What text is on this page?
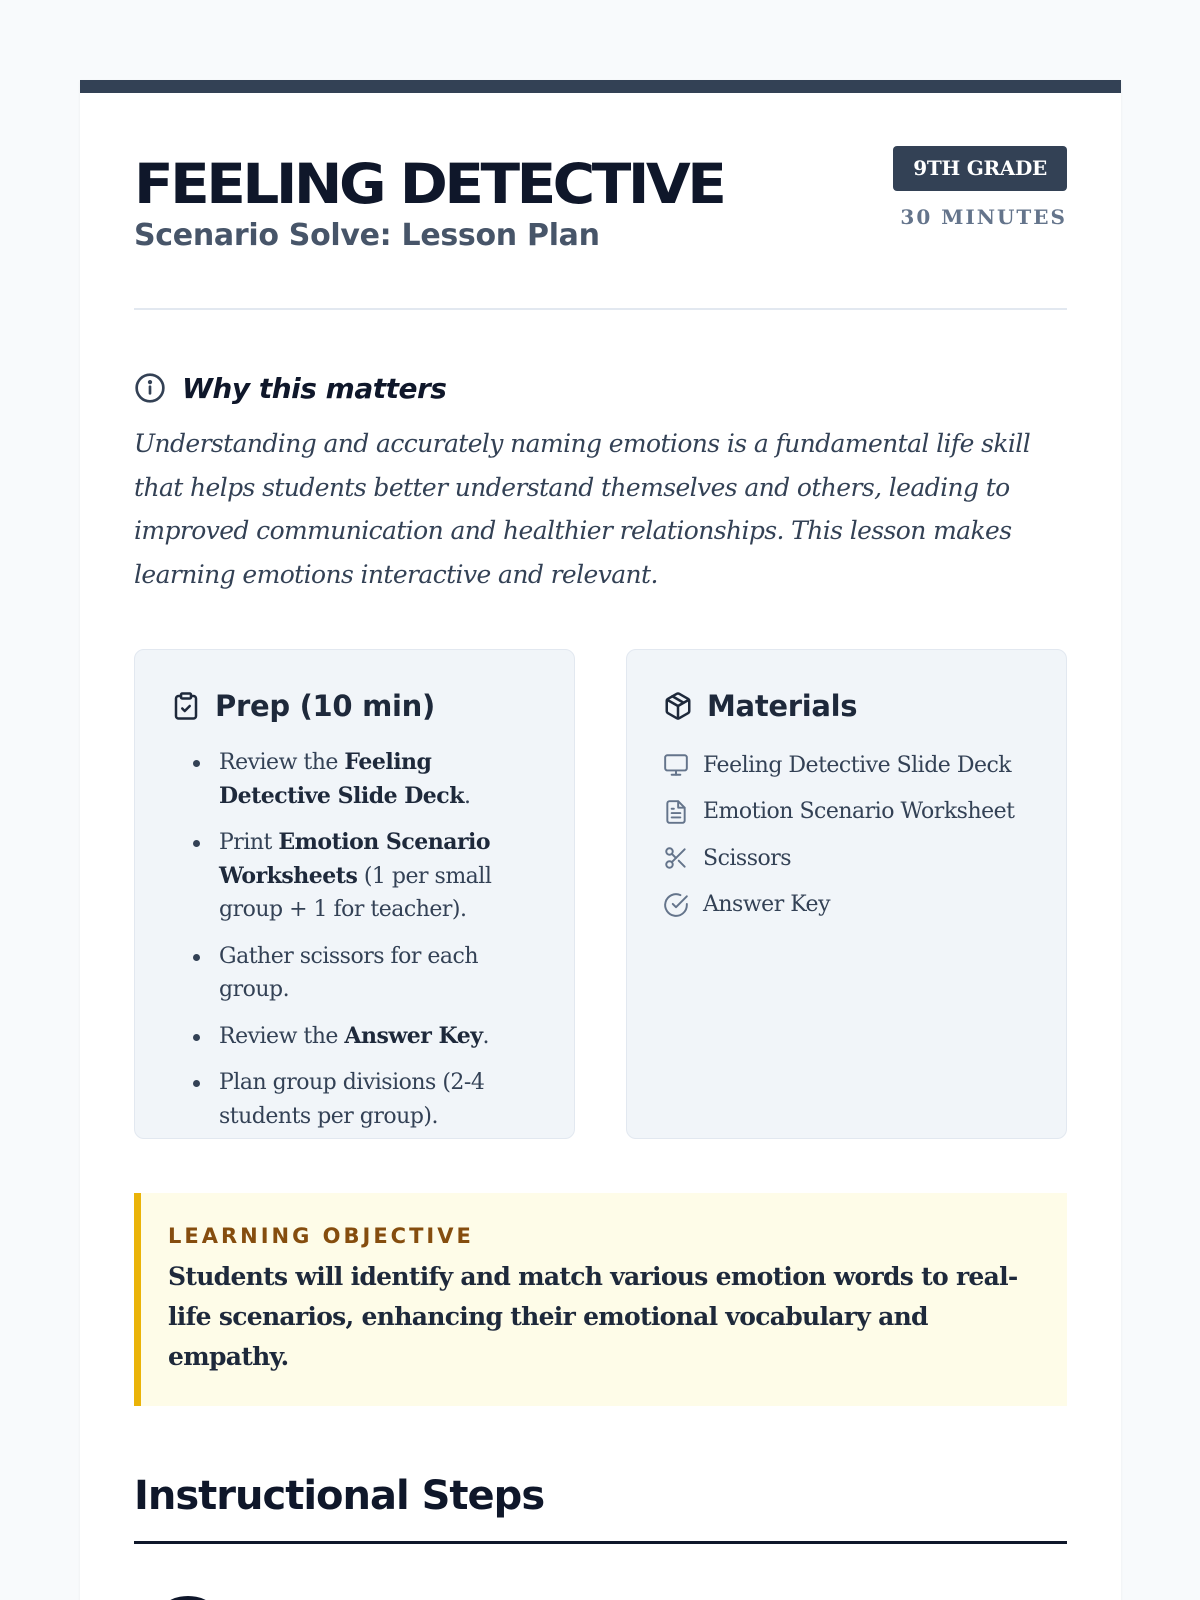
FEELING DETECTIVE
Scenario Solve: Lesson Plan
9TH GRADE
30 MINUTES
Why this matters

Understanding and accurately naming emotions is a fundamental life skill that helps students better understand themselves and others, leading to improved communication and healthier relationships. This lesson makes learning emotions interactive and relevant.

Prep (10 min)
Review the Feeling Detective Slide Deck.
Print Emotion Scenario Worksheets (1 per small group + 1 for teacher).
Gather scissors for each group.
Review the Answer Key.
Plan group divisions (2-4 students per group).
Materials
Feeling Detective Slide Deck
Emotion Scenario Worksheet
Scissors
Answer Key
LEARNING OBJECTIVE

Students will identify and match various emotion words to real-life scenarios, enhancing their emotional vocabulary and empathy.

Instructional Steps
